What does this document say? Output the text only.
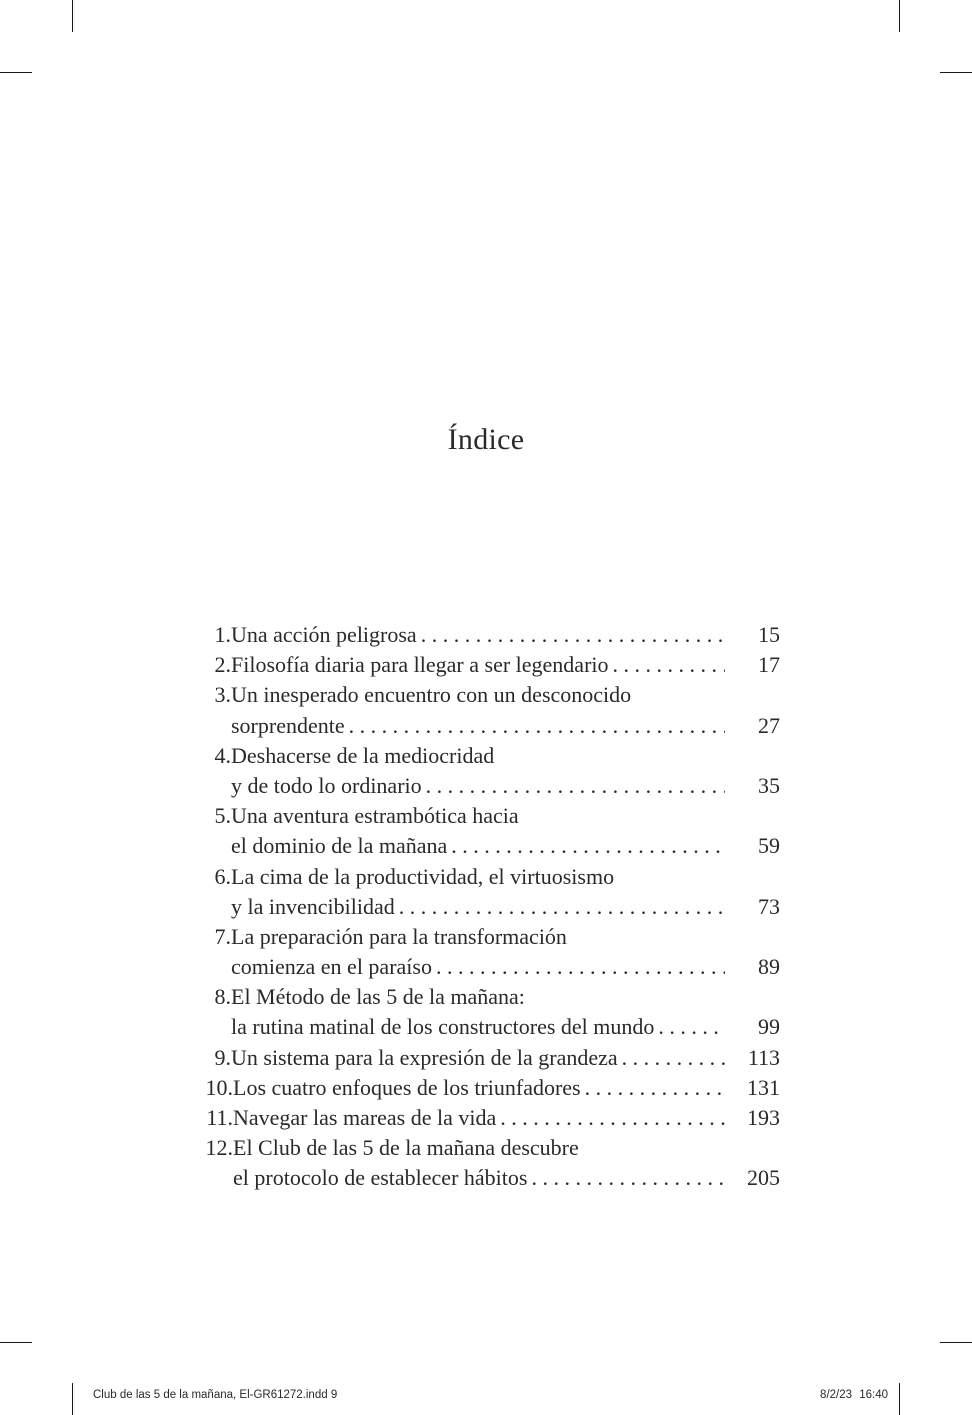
Índice
1. Una acción peligrosa . . .	15
2. Filosofía diaria para llegar a ser legendario . . .	17
3. Un inesperado encuentro con un desconocido
sorprendente . . .	27
4. Deshacerse de la mediocridad
y de todo lo ordinario . . .	35
5. Una aventura estrambótica hacia
el dominio de la mañana . . .	59
6. La cima de la productividad, el virtuosismo
y la invencibilidad . . .	73
7. La preparación para la transformación
comienza en el paraíso . . .	89
8. El Método de las 5 de la mañana:
la rutina matinal de los constructores del mundo . . .	99
9. Un sistema para la expresión de la grandeza . . .	113
10. Los cuatro enfoques de los triunfadores . . .	131
11. Navegar las mareas de la vida . . .	193
12. El Club de las 5 de la mañana descubre
el protocolo de establecer hábitos . . .	205
Club de las 5 de la mañana, El-GR61272.indd 9	8/2/23 16:40
